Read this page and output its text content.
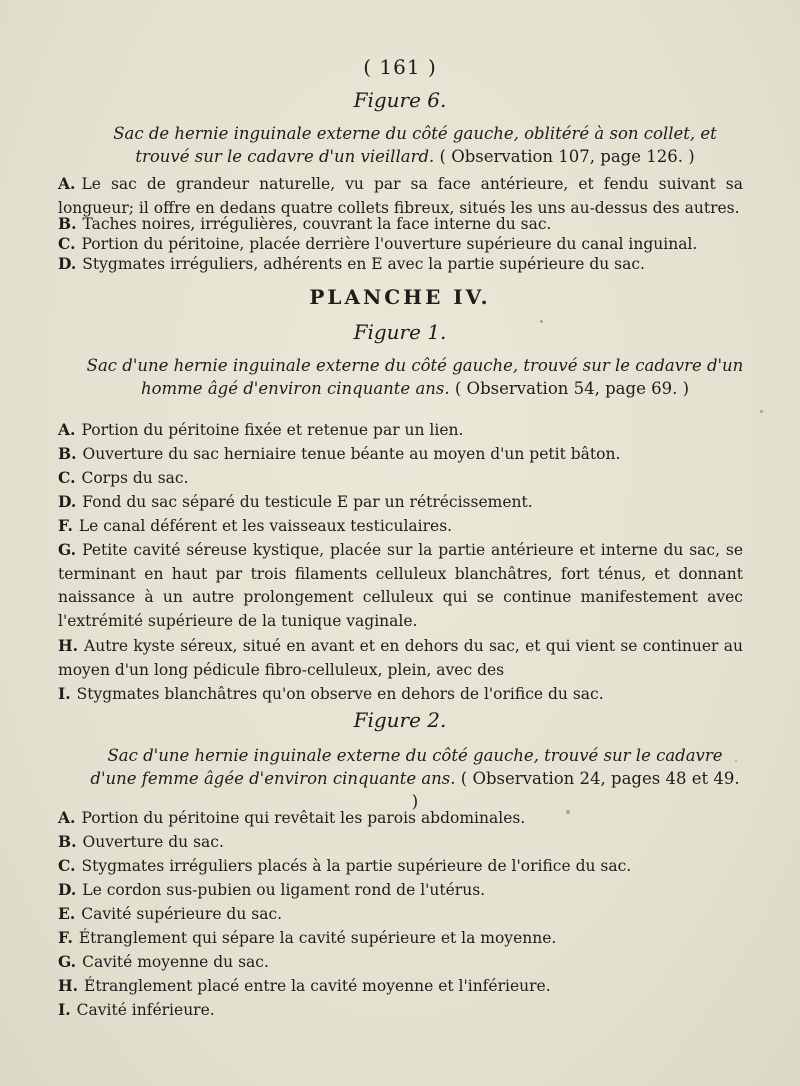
( 161 )
Figure 6.
Sac de hernie inguinale externe du côté gauche, oblitéré à son collet, et trouvé sur le cadavre d'un vieillard. ( Observation 107, page 126. )
A. Le sac de grandeur naturelle, vu par sa face antérieure, et fendu suivant sa longueur; il offre en dedans quatre collets fibreux, situés les uns au-dessus des autres.
B. Taches noires, irrégulières, couvrant la face interne du sac.
C. Portion du péritoine, placée derrière l'ouverture supérieure du canal inguinal.
D. Stygmates irréguliers, adhérents en E avec la partie supérieure du sac.
PLANCHE IV.
Figure 1.
Sac d'une hernie inguinale externe du côté gauche, trouvé sur le cadavre d'un homme âgé d'environ cinquante ans. ( Observation 54, page 69. )
A. Portion du péritoine fixée et retenue par un lien.
B. Ouverture du sac herniaire tenue béante au moyen d'un petit bâton.
C. Corps du sac.
D. Fond du sac séparé du testicule E par un rétrécissement.
F. Le canal déférent et les vaisseaux testiculaires.
G. Petite cavité séreuse kystique, placée sur la partie antérieure et interne du sac, se terminant en haut par trois filaments celluleux blanchâtres, fort ténus, et donnant naissance à un autre prolongement celluleux qui se continue manifestement avec l'extrémité supérieure de la tunique vaginale.
H. Autre kyste séreux, situé en avant et en dehors du sac, et qui vient se continuer au moyen d'un long pédicule fibro-celluleux, plein, avec des
I. Stygmates blanchâtres qu'on observe en dehors de l'orifice du sac.
Figure 2.
Sac d'une hernie inguinale externe du côté gauche, trouvé sur le cadavre d'une femme âgée d'environ cinquante ans. ( Observation 24, pages 48 et 49. )
A. Portion du péritoine qui revêtait les parois abdominales.
B. Ouverture du sac.
C. Stygmates irréguliers placés à la partie supérieure de l'orifice du sac.
D. Le cordon sus-pubien ou ligament rond de l'utérus.
E. Cavité supérieure du sac.
F. Étranglement qui sépare la cavité supérieure et la moyenne.
G. Cavité moyenne du sac.
H. Étranglement placé entre la cavité moyenne et l'inférieure.
I. Cavité inférieure.
